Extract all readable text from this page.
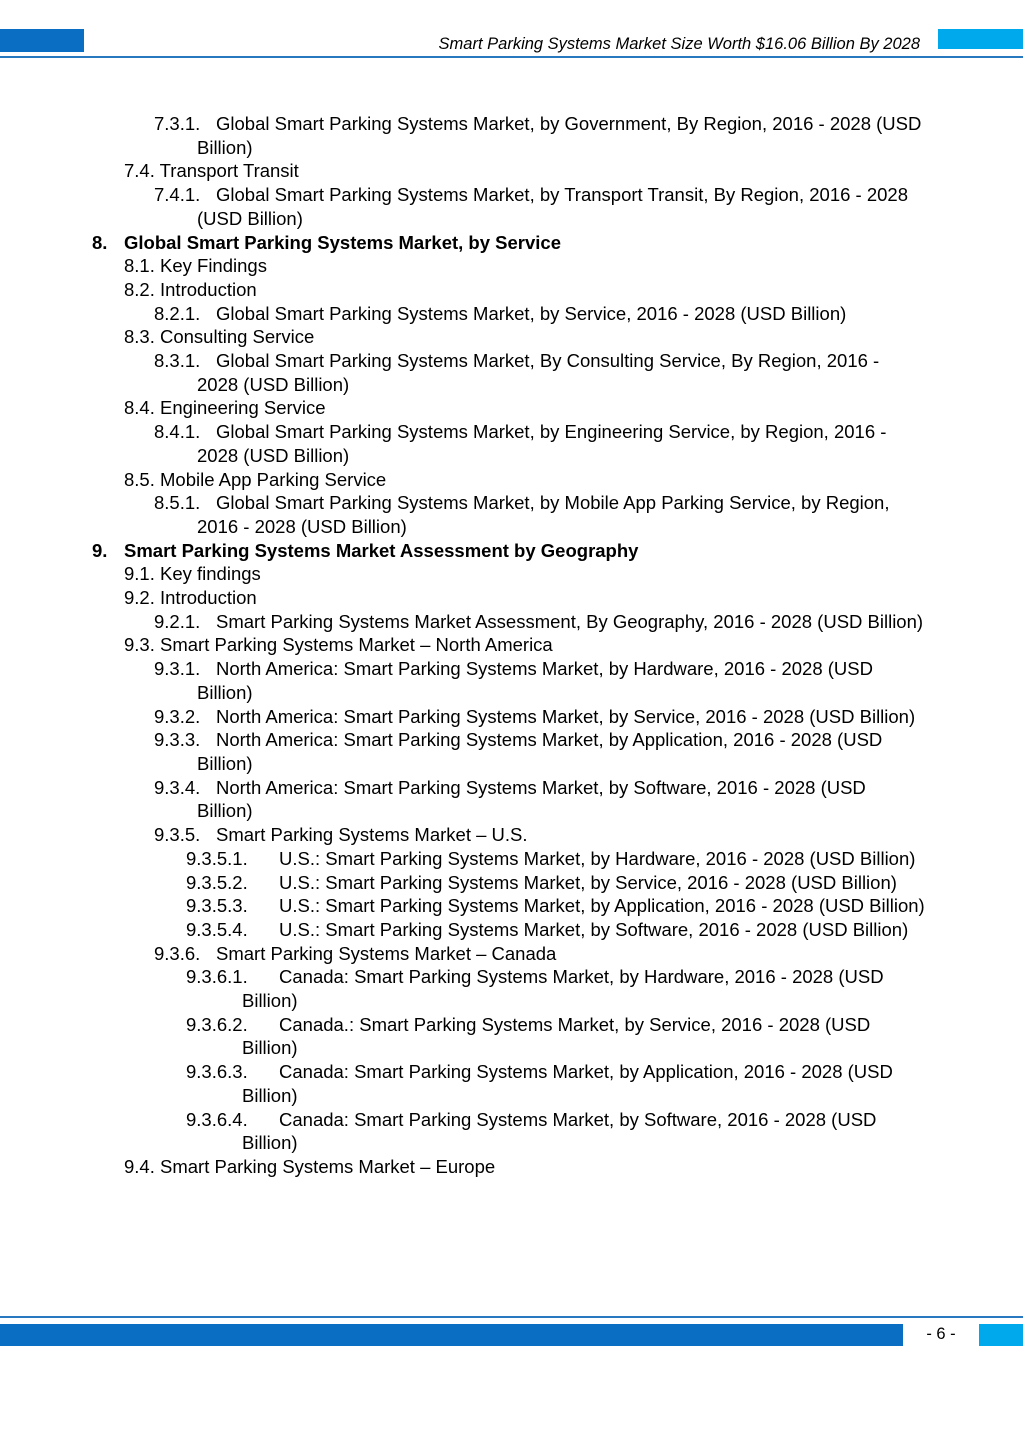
Smart Parking Systems Market Size Worth $16.06 Billion By 2028
7.3.1. Global Smart Parking Systems Market, by Government, By Region, 2016 - 2028 (USD Billion)
7.4. Transport Transit
7.4.1. Global Smart Parking Systems Market, by Transport Transit, By Region, 2016 - 2028 (USD Billion)
8. Global Smart Parking Systems Market, by Service
8.1. Key Findings
8.2. Introduction
8.2.1. Global Smart Parking Systems Market, by Service, 2016 - 2028 (USD Billion)
8.3. Consulting Service
8.3.1. Global Smart Parking Systems Market, By Consulting Service, By Region, 2016 - 2028 (USD Billion)
8.4. Engineering Service
8.4.1. Global Smart Parking Systems Market, by Engineering Service, by Region, 2016 - 2028 (USD Billion)
8.5. Mobile App Parking Service
8.5.1. Global Smart Parking Systems Market, by Mobile App Parking Service, by Region, 2016 - 2028 (USD Billion)
9. Smart Parking Systems Market Assessment by Geography
9.1. Key findings
9.2. Introduction
9.2.1. Smart Parking Systems Market Assessment, By Geography, 2016 - 2028 (USD Billion)
9.3. Smart Parking Systems Market – North America
9.3.1. North America: Smart Parking Systems Market, by Hardware, 2016 - 2028 (USD Billion)
9.3.2. North America: Smart Parking Systems Market, by Service, 2016 - 2028 (USD Billion)
9.3.3. North America: Smart Parking Systems Market, by Application, 2016 - 2028 (USD Billion)
9.3.4. North America: Smart Parking Systems Market, by Software, 2016 - 2028 (USD Billion)
9.3.5. Smart Parking Systems Market – U.S.
9.3.5.1.	U.S.: Smart Parking Systems Market, by Hardware, 2016 - 2028 (USD Billion)
9.3.5.2.	U.S.: Smart Parking Systems Market, by Service, 2016 - 2028 (USD Billion)
9.3.5.3.	U.S.: Smart Parking Systems Market, by Application, 2016 - 2028 (USD Billion)
9.3.5.4.	U.S.: Smart Parking Systems Market, by Software, 2016 - 2028 (USD Billion)
9.3.6. Smart Parking Systems Market – Canada
9.3.6.1.	Canada: Smart Parking Systems Market, by Hardware, 2016 - 2028 (USD Billion)
9.3.6.2.	Canada.: Smart Parking Systems Market, by Service, 2016 - 2028 (USD Billion)
9.3.6.3.	Canada: Smart Parking Systems Market, by Application, 2016 - 2028 (USD Billion)
9.3.6.4.	Canada: Smart Parking Systems Market, by Software, 2016 - 2028 (USD Billion)
9.4. Smart Parking Systems Market – Europe
- 6 -
